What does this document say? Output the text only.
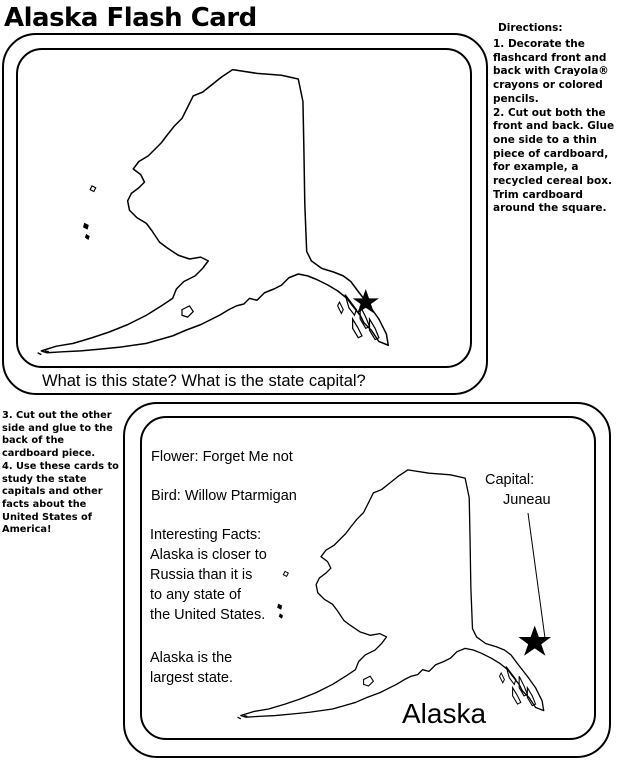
Alaska Flash Card	Directions:

1. Decorate the flashcard front and back with Crayola® crayons or colored pencils.

2. Cut out both the front and back. Glue one side to a thin piece of cardboard, for example, a recycled cereal box. Trim cardboard around the square.

What is this state? What is the state capital?

3. Cut out the other side and glue to the back of the cardboard piece.

4. Use these cards to study the state capitals and other facts about the United States of America!

Flower: Forget Me not
Bird: Willow Ptarmigan
Interesting Facts:

Alaska is closer to

Russia than it is

to any state of

the United States.

Alaska is the

largest state.

Capital:
Juneau
Alaska
